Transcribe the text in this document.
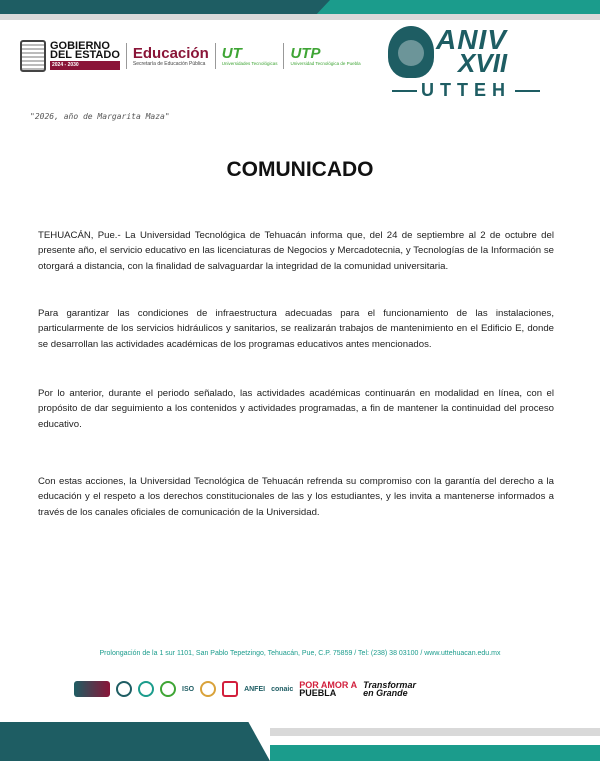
GOBIERNO
DEL ESTADO
2024 - 2030
Educación
Secretaría de Educación Pública
UT
Universidades Tecnológicas
UTP
Universidad Tecnológica de Puebla
ANIV
XVII
UTTEH
"2026, año de Margarita Maza"
COMUNICADO

TEHUACÁN, Pue.- La Universidad Tecnológica de Tehuacán informa que, del 24 de septiembre al 2 de octubre del presente año, el servicio educativo en las licenciaturas de Negocios y Mercadotecnia, y Tecnologías de la Información se otorgará a distancia, con la finalidad de salvaguardar la integridad de la comunidad universitaria.

Para garantizar las condiciones de infraestructura adecuadas para el funcionamiento de las instalaciones, particularmente de los servicios hidráulicos y sanitarios, se realizarán trabajos de mantenimiento en el Edificio E, donde se desarrollan las actividades académicas de los programas educativos antes mencionados.

Por lo anterior, durante el periodo señalado, las actividades académicas continuarán en modalidad en línea, con el propósito de dar seguimiento a los contenidos y actividades programadas, a fin de mantener la continuidad del proceso educativo.

Con estas acciones, la Universidad Tecnológica de Tehuacán refrenda su compromiso con la garantía del derecho a la educación y el respeto a los derechos constitucionales de las y los estudiantes, y les invita a mantenerse informados a través de los canales oficiales de comunicación de la Universidad.

Prolongación de la 1 sur 1101, San Pablo Tepetzingo, Tehuacán, Pue, C.P. 75859 / Tel: (238) 38 03100 / www.uttehuacan.edu.mx
ISO	ANFEI conaic POR AMOR A
PUEBLA
Transformar
en Grande
